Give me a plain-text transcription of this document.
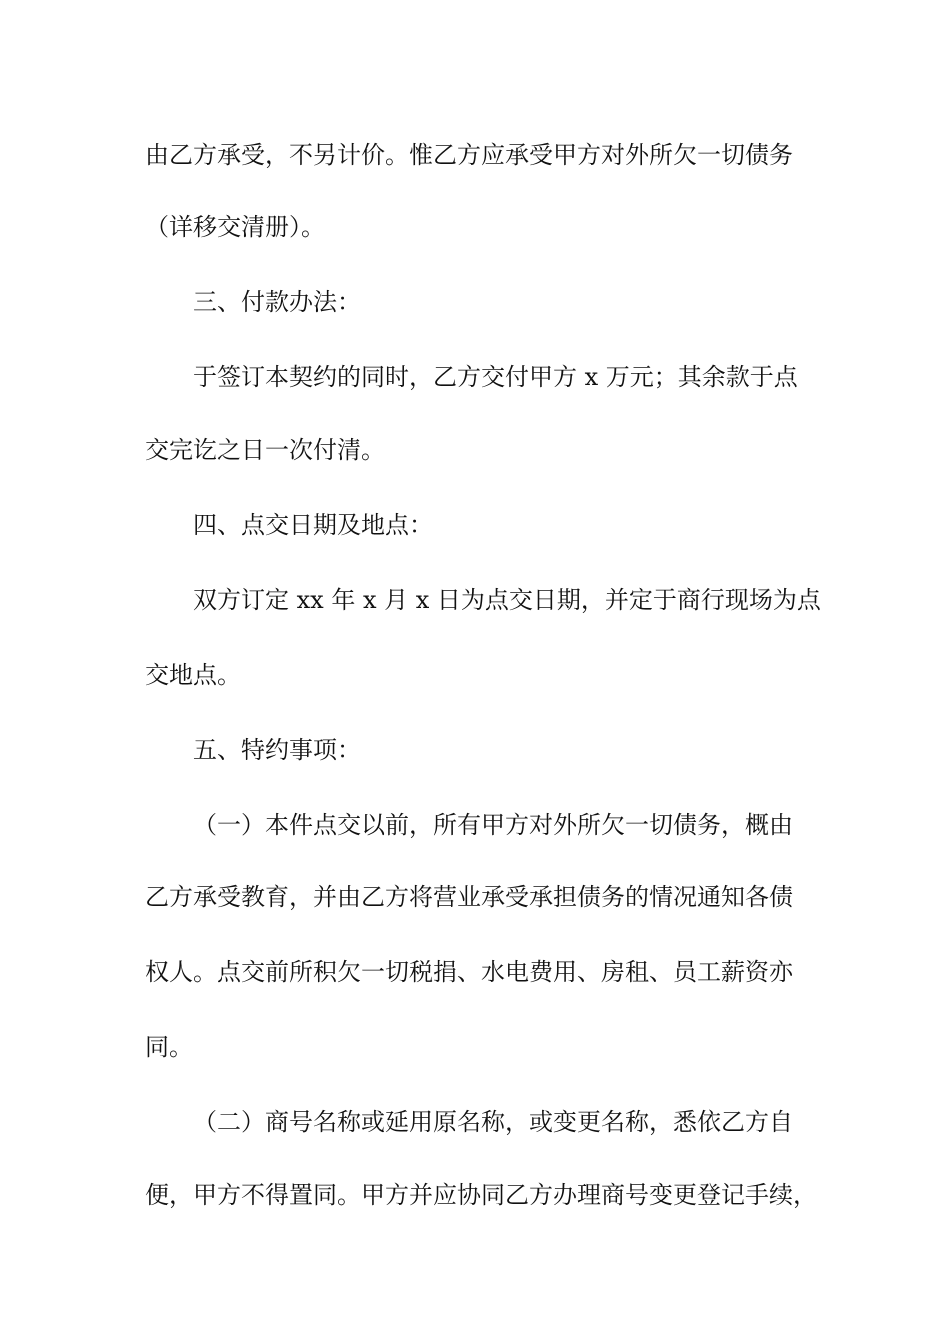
由乙方承受，不另计价。惟乙方应承受甲方对外所欠一切债务
（详移交清册）。
三、付款办法：
于签订本契约的同时，乙方交付甲方 x 万元；其余款于点
交完讫之日一次付清。
四、点交日期及地点：
双方订定 xx 年 x 月 x 日为点交日期，并定于商行现场为点
交地点。
五、特约事项：
（一）本件点交以前，所有甲方对外所欠一切债务，概由
乙方承受教育，并由乙方将营业承受承担债务的情况通知各债
权人。点交前所积欠一切税捐、水电费用、房租、员工薪资亦
同。
（二）商号名称或延用原名称，或变更名称，悉依乙方自
便，甲方不得置同。甲方并应协同乙方办理商号变更登记手续，
